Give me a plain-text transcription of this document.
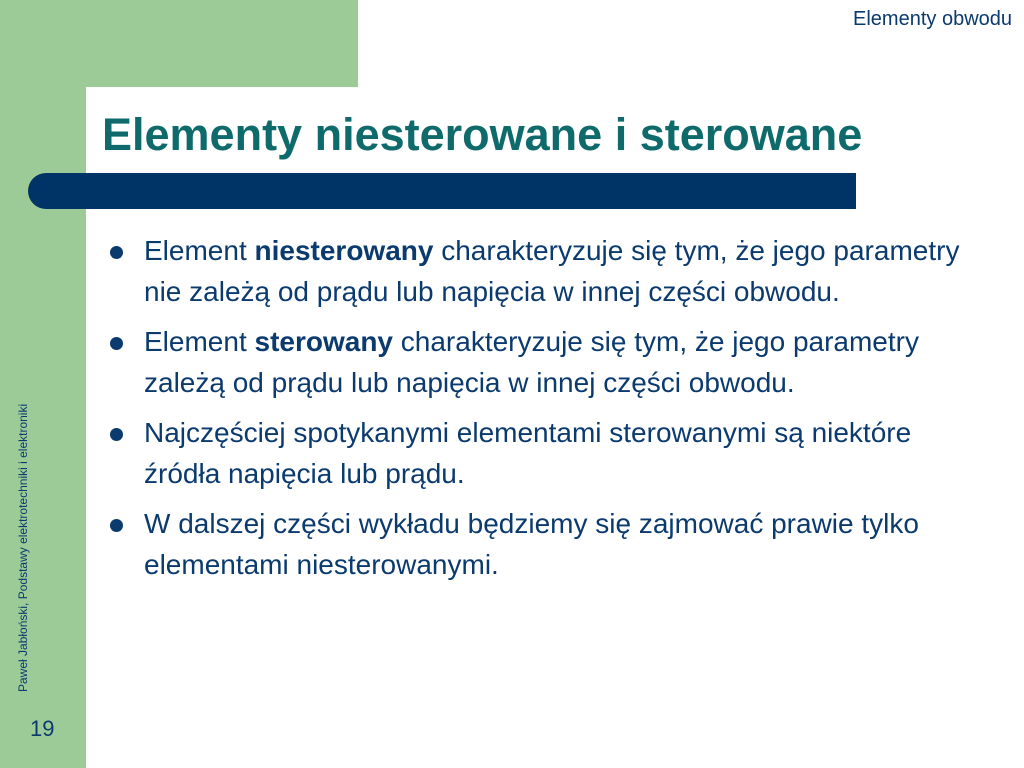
Elementy obwodu
Elementy niesterowane i sterowane
Element niesterowany charakteryzuje się tym, że jego parametry nie zależą od prądu lub napięcia w innej części obwodu.
Element sterowany charakteryzuje się tym, że jego parametry zależą od prądu lub napięcia w innej części obwodu.
Najczęściej spotykanymi elementami sterowanymi są niektóre źródła napięcia lub prądu.
W dalszej części wykładu będziemy się zajmować prawie tylko elementami niesterowanymi.
Paweł Jabłoński, Podstawy elektrotechniki i elektroniki
19
